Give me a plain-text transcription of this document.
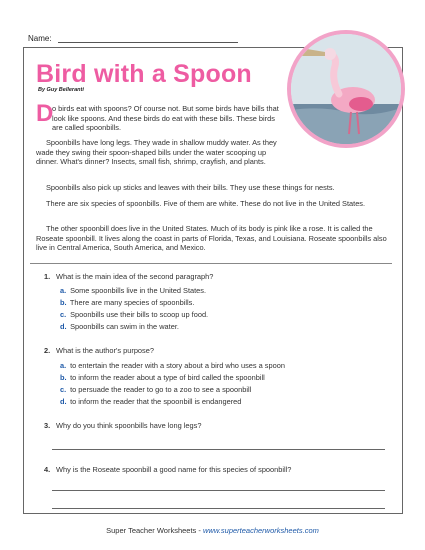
Name:
Bird with a Spoon
By Guy Belleranti
D
o birds eat with spoons? Of course not. But some birds have bills that look like spoons. And these birds do eat with these bills. These birds are called spoonbills.
Spoonbills have long legs. They wade in shallow muddy water. As they wade they swing their spoon-shaped bills under the water scooping up dinner. What's dinner? Insects, small fish, shrimp, crayfish, and plants.
Spoonbills also pick up sticks and leaves with their bills. They use these things for nests.
There are six species of spoonbills. Five of them are white. These do not live in the United States.
The other spoonbill does live in the United States. Much of its body is pink like a rose. It is called the Roseate spoonbill. It lives along the coast in parts of Florida, Texas, and Louisiana. Roseate spoonbills also live in Central America, South America, and Mexico.
1. What is the main idea of the second paragraph?
a. Some spoonbills live in the United States.
b. There are many species of spoonbills.
c. Spoonbills use their bills to scoop up food.
d. Spoonbills can swim in the water.
2. What is the author's purpose?
a. to entertain the reader with a story about a bird who uses a spoon
b. to inform the reader about a type of bird called the spoonbill
c. to persuade the reader to go to a zoo to see a spoonbill
d. to inform the reader that the spoonbill is endangered
3. Why do you think spoonbills have long legs?
4. Why is the Roseate spoonbill a good name for this species of spoonbill?
Super Teacher Worksheets - www.superteacherworksheets.com
